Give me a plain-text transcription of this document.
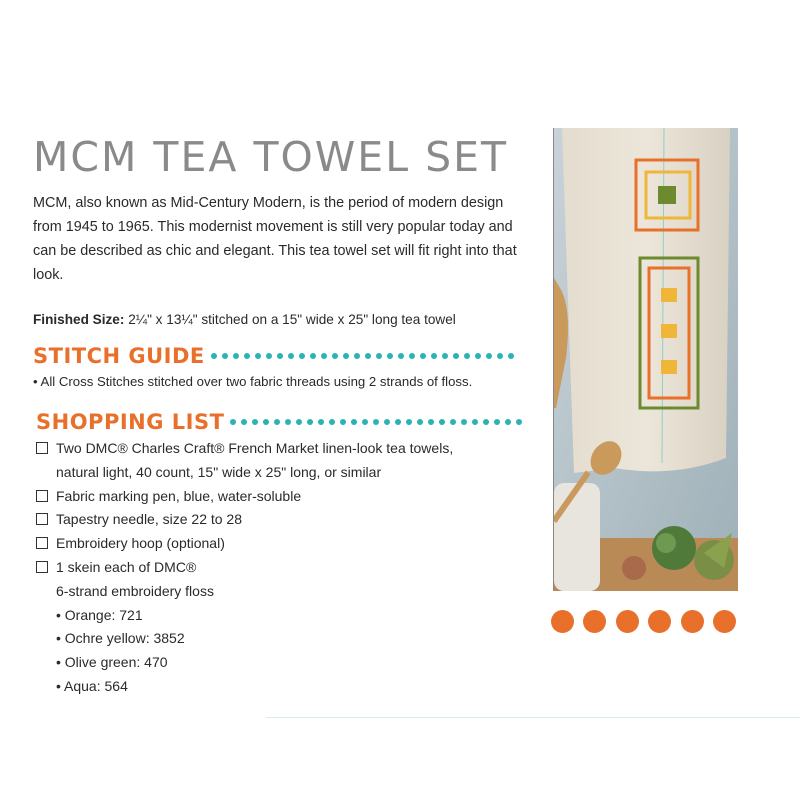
MCM TEA TOWEL SET

MCM, also known as Mid-Century Modern, is the period of modern design from 1945 to 1965. This modernist movement is still very popular today and can be described as chic and elegant. This tea towel set will fit right into that look.

Finished Size: 2¼" x 13¼" stitched on a 15" wide x 25" long tea towel

STITCH GUIDE

• All Cross Stitches stitched over two fabric threads using 2 strands of floss.

SHOPPING LIST
Two DMC® Charles Craft® French Market linen-look tea towels,
natural light, 40 count, 15" wide x 25" long, or similar
Fabric marking pen, blue, water-soluble
Tapestry needle, size 22 to 28
Embroidery hoop (optional)
1 skein each of DMC®
6-strand embroidery floss
• Orange: 721
• Ochre yellow: 3852
• Olive green: 470
• Aqua: 564
